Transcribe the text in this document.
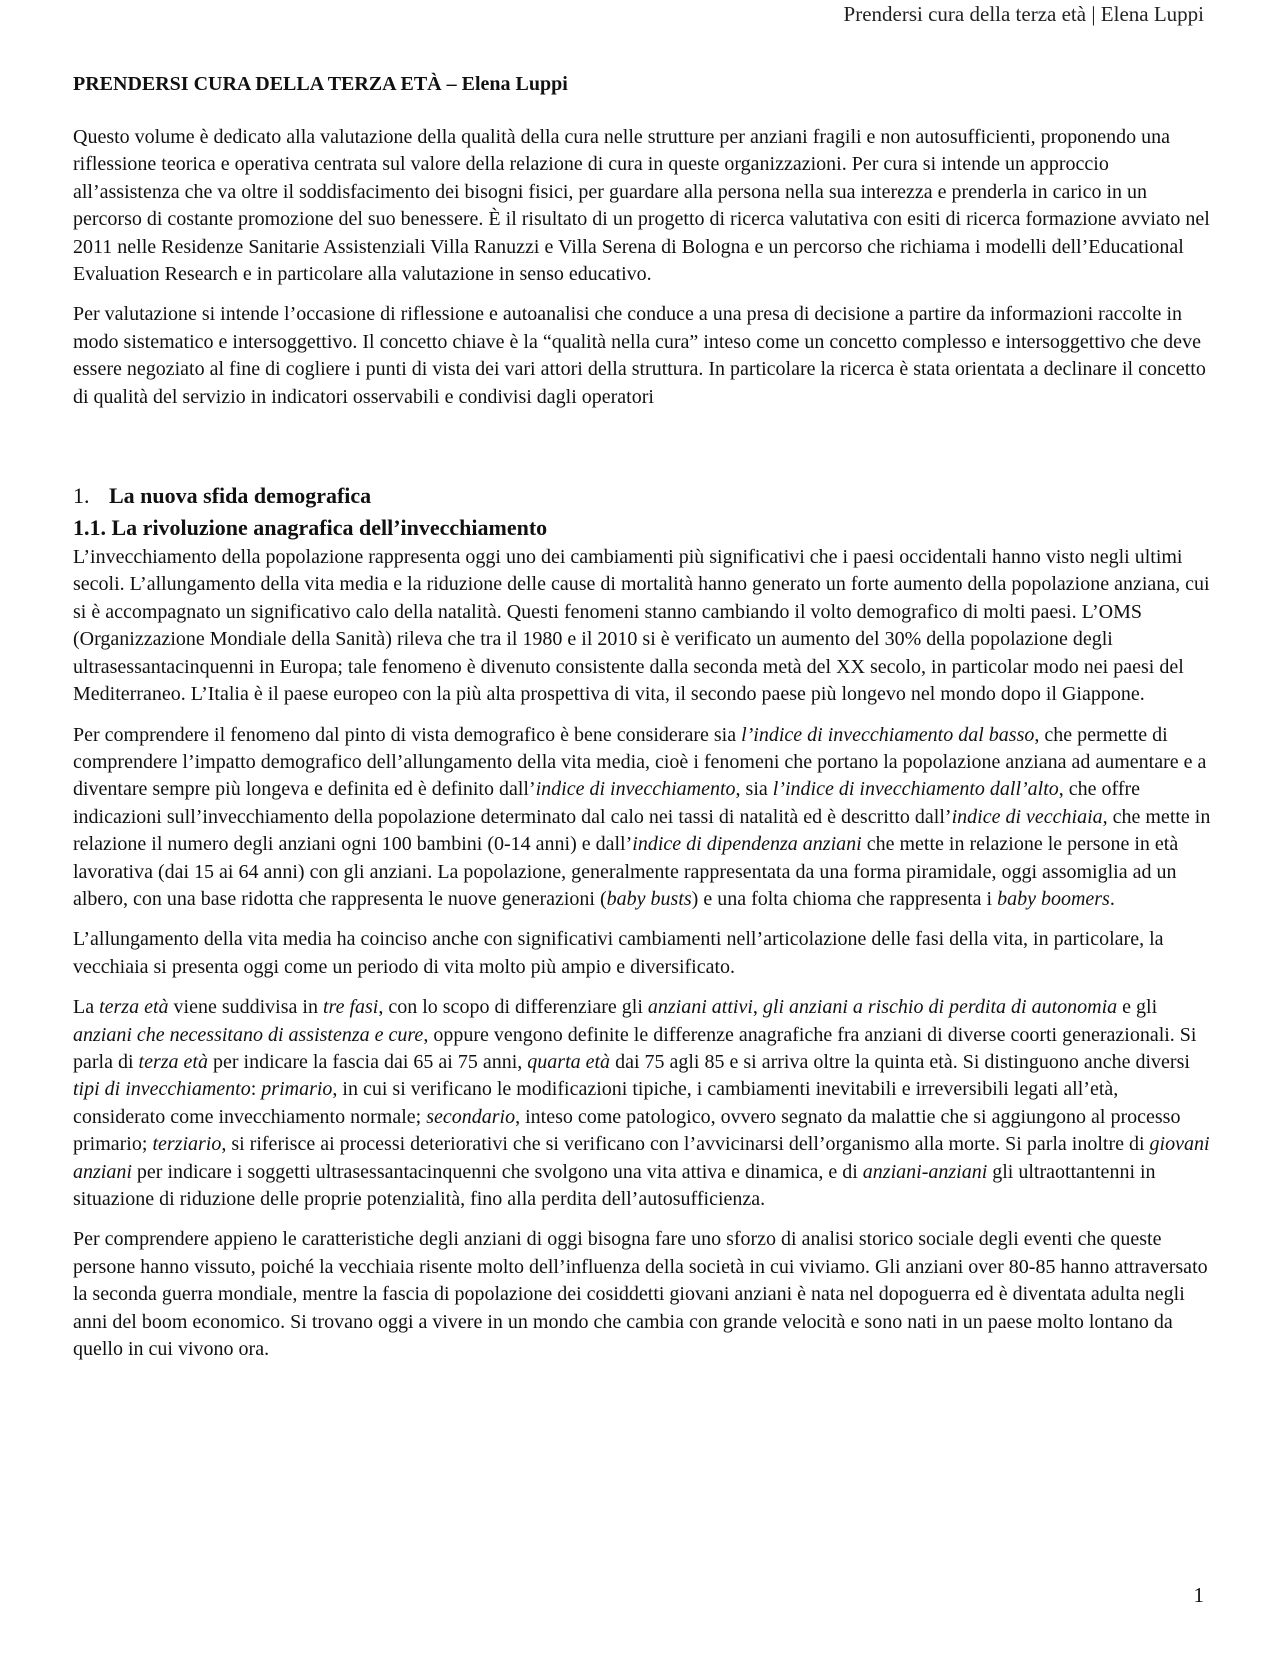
Prendersi cura della terza età | Elena Luppi
PRENDERSI CURA DELLA TERZA ETÀ – Elena Luppi

Questo volume è dedicato alla valutazione della qualità della cura nelle strutture per anziani fragili e non autosufficienti, proponendo una riflessione teorica e operativa centrata sul valore della relazione di cura in queste organizzazioni. Per cura si intende un approccio all’assistenza che va oltre il soddisfacimento dei bisogni fisici, per guardare alla persona nella sua interezza e prenderla in carico in un percorso di costante promozione del suo benessere. È il risultato di un progetto di ricerca valutativa con esiti di ricerca formazione avviato nel 2011 nelle Residenze Sanitarie Assistenziali Villa Ranuzzi e Villa Serena di Bologna e un percorso che richiama i modelli dell’Educational Evaluation Research e in particolare alla valutazione in senso educativo.

Per valutazione si intende l’occasione di riflessione e autoanalisi che conduce a una presa di decisione a partire da informazioni raccolte in modo sistematico e intersoggettivo. Il concetto chiave è la “qualità nella cura” inteso come un concetto complesso e intersoggettivo che deve essere negoziato al fine di cogliere i punti di vista dei vari attori della struttura. In particolare la ricerca è stata orientata a declinare il concetto di qualità del servizio in indicatori osservabili e condivisi dagli operatori

1. La nuova sfida demografica
1.1. La rivoluzione anagrafica dell’invecchiamento

L’invecchiamento della popolazione rappresenta oggi uno dei cambiamenti più significativi che i paesi occidentali hanno visto negli ultimi secoli. L’allungamento della vita media e la riduzione delle cause di mortalità hanno generato un forte aumento della popolazione anziana, cui si è accompagnato un significativo calo della natalità. Questi fenomeni stanno cambiando il volto demografico di molti paesi. L’OMS (Organizzazione Mondiale della Sanità) rileva che tra il 1980 e il 2010 si è verificato un aumento del 30% della popolazione degli ultrasessantacinquenni in Europa; tale fenomeno è divenuto consistente dalla seconda metà del XX secolo, in particolar modo nei paesi del Mediterraneo. L’Italia è il paese europeo con la più alta prospettiva di vita, il secondo paese più longevo nel mondo dopo il Giappone.

Per comprendere il fenomeno dal pinto di vista demografico è bene considerare sia l’indice di invecchiamento dal basso, che permette di comprendere l’impatto demografico dell’allungamento della vita media, cioè i fenomeni che portano la popolazione anziana ad aumentare e a diventare sempre più longeva e definita ed è definito dall’indice di invecchiamento, sia l’indice di invecchiamento dall’alto, che offre indicazioni sull’invecchiamento della popolazione determinato dal calo nei tassi di natalità ed è descritto dall’indice di vecchiaia, che mette in relazione il numero degli anziani ogni 100 bambini (0-14 anni) e dall’indice di dipendenza anziani che mette in relazione le persone in età lavorativa (dai 15 ai 64 anni) con gli anziani. La popolazione, generalmente rappresentata da una forma piramidale, oggi assomiglia ad un albero, con una base ridotta che rappresenta le nuove generazioni (baby busts) e una folta chioma che rappresenta i baby boomers.

L’allungamento della vita media ha coinciso anche con significativi cambiamenti nell’articolazione delle fasi della vita, in particolare, la vecchiaia si presenta oggi come un periodo di vita molto più ampio e diversificato.

La terza età viene suddivisa in tre fasi, con lo scopo di differenziare gli anziani attivi, gli anziani a rischio di perdita di autonomia e gli anziani che necessitano di assistenza e cure, oppure vengono definite le differenze anagrafiche fra anziani di diverse coorti generazionali. Si parla di terza età per indicare la fascia dai 65 ai 75 anni, quarta età dai 75 agli 85 e si arriva oltre la quinta età. Si distinguono anche diversi tipi di invecchiamento: primario, in cui si verificano le modificazioni tipiche, i cambiamenti inevitabili e irreversibili legati all’età, considerato come invecchiamento normale; secondario, inteso come patologico, ovvero segnato da malattie che si aggiungono al processo primario; terziario, si riferisce ai processi deteriorativi che si verificano con l’avvicinarsi dell’organismo alla morte. Si parla inoltre di giovani anziani per indicare i soggetti ultrasessantacinquenni che svolgono una vita attiva e dinamica, e di anziani-anziani gli ultraottantenni in situazione di riduzione delle proprie potenzialità, fino alla perdita dell’autosufficienza.

Per comprendere appieno le caratteristiche degli anziani di oggi bisogna fare uno sforzo di analisi storico sociale degli eventi che queste persone hanno vissuto, poiché la vecchiaia risente molto dell’influenza della società in cui viviamo. Gli anziani over 80-85 hanno attraversato la seconda guerra mondiale, mentre la fascia di popolazione dei cosiddetti giovani anziani è nata nel dopoguerra ed è diventata adulta negli anni del boom economico. Si trovano oggi a vivere in un mondo che cambia con grande velocità e sono nati in un paese molto lontano da quello in cui vivono ora.

1
